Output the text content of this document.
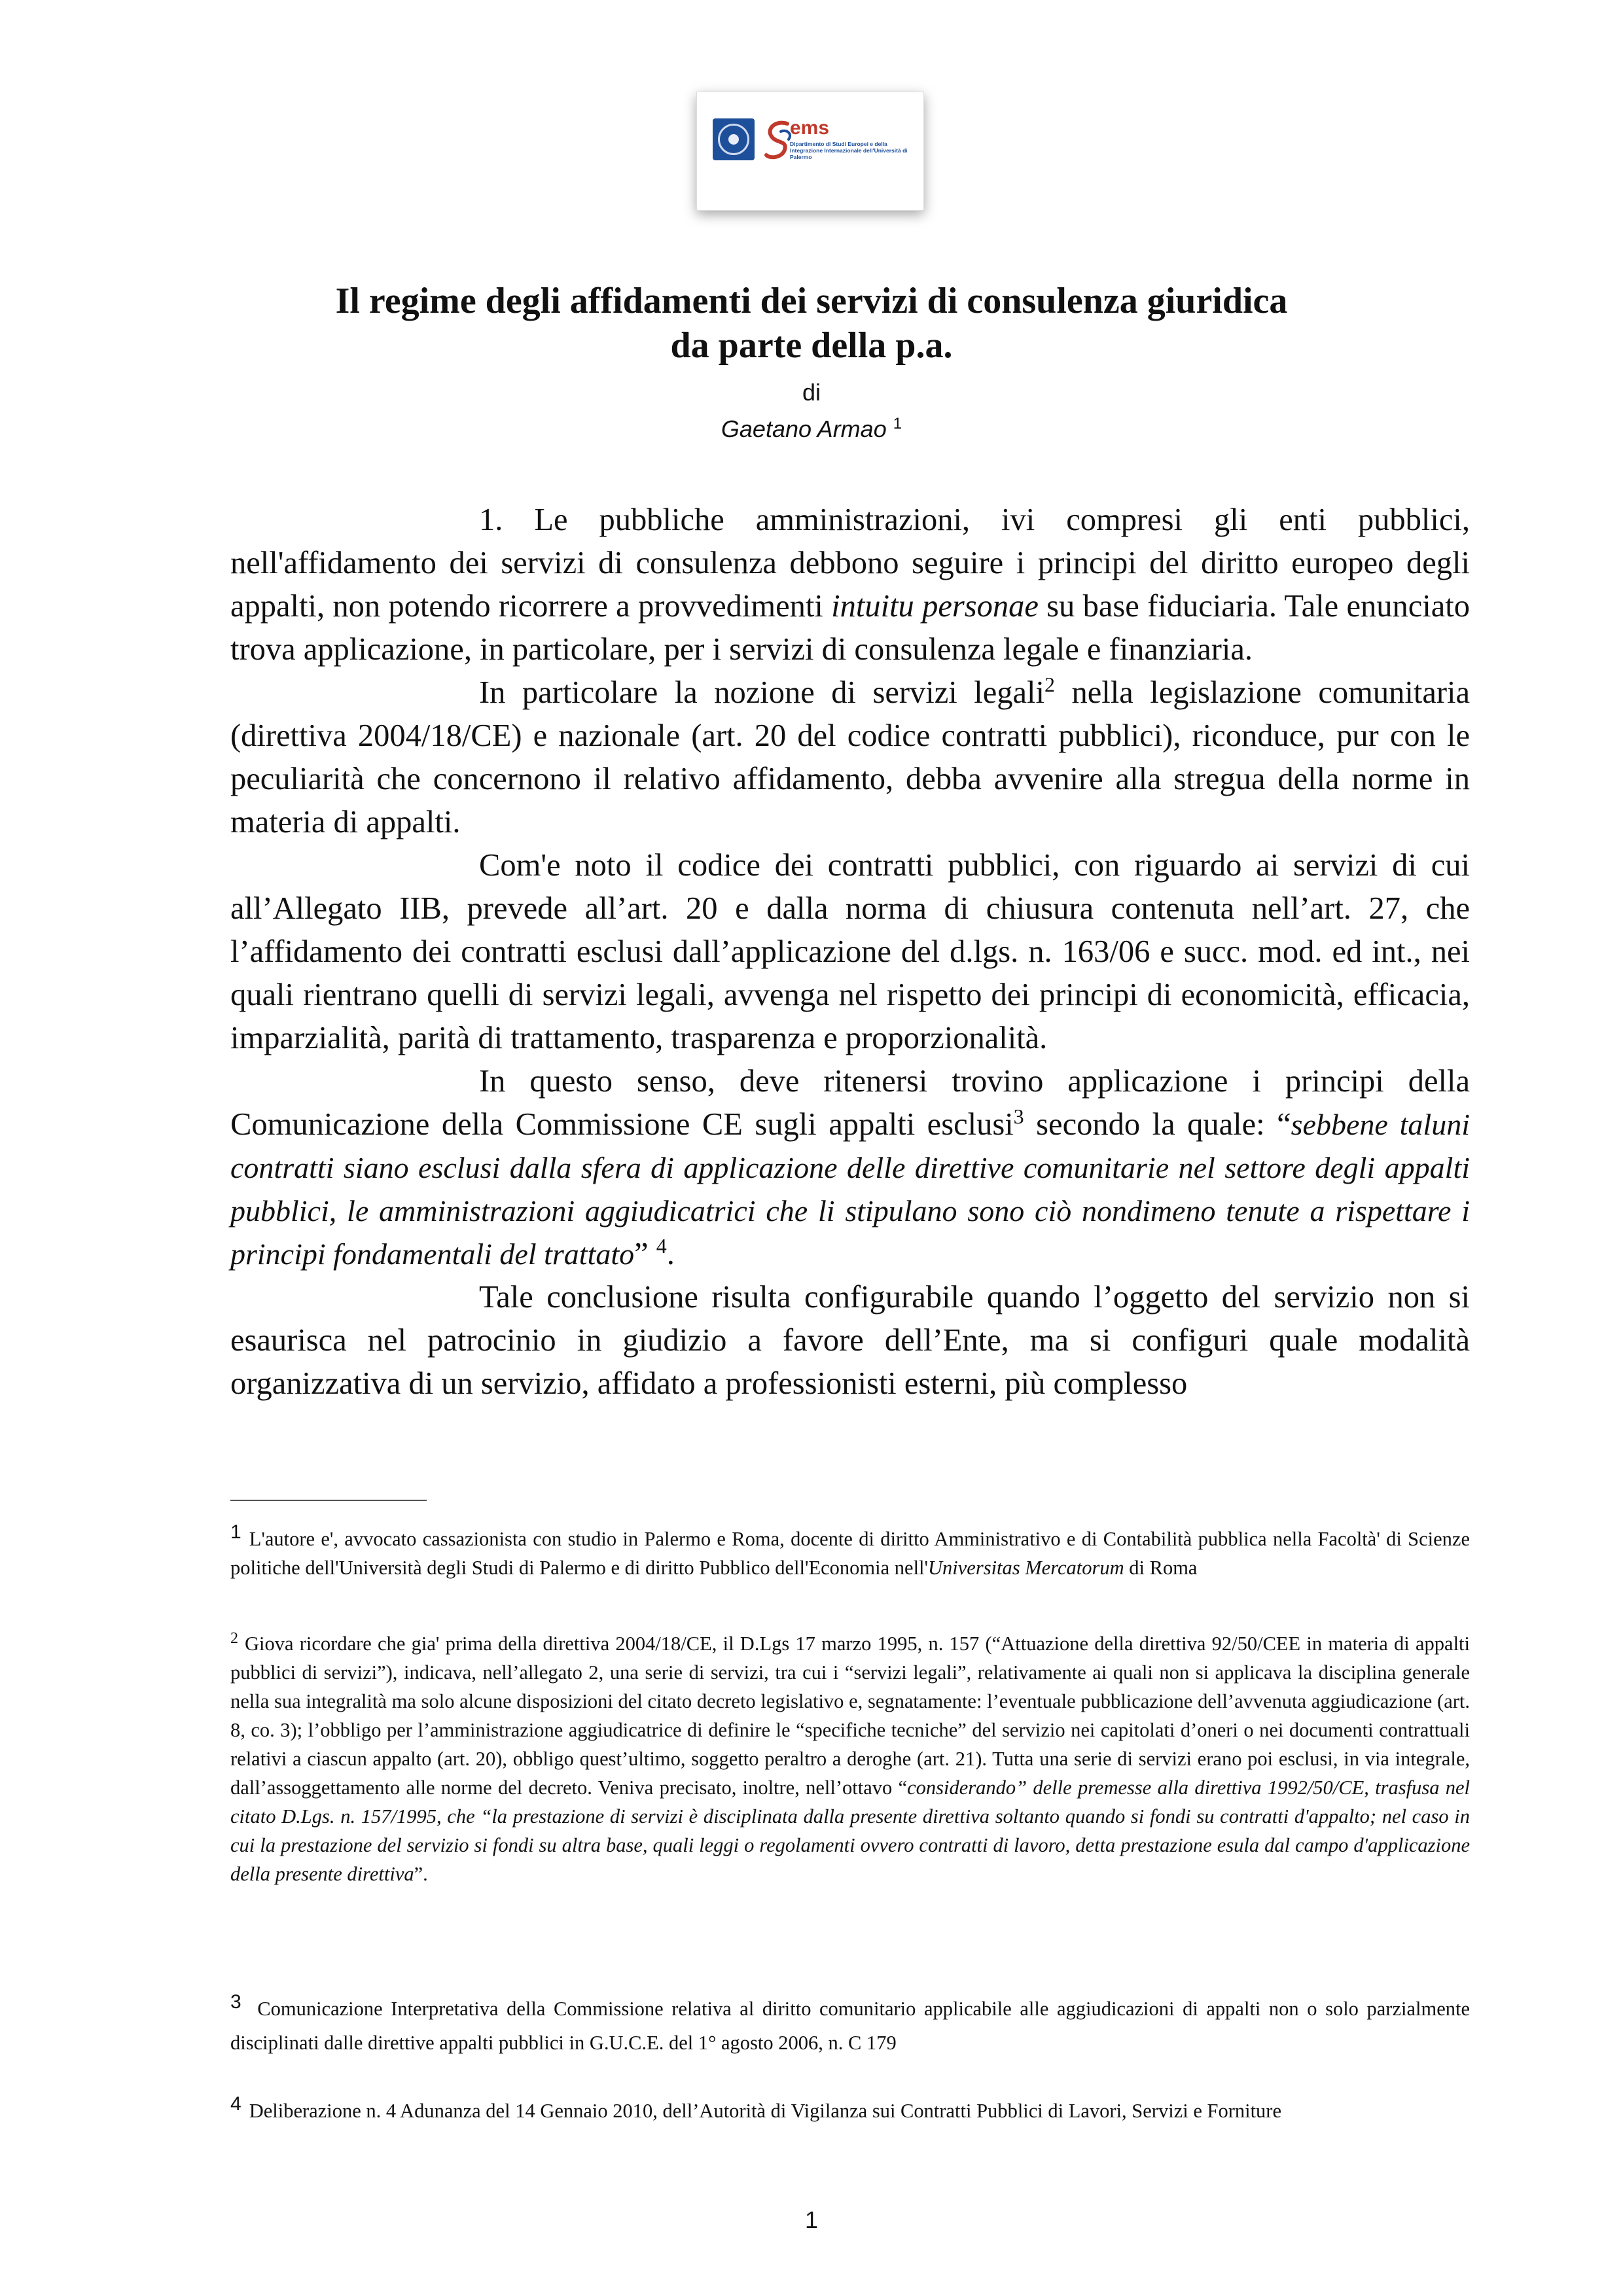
ems
Dipartimento di Studi Europei e della Integrazione Internazionale dell'Università di Palermo
Il regime degli affidamenti dei servizi di consulenza giuridica
da parte della p.a.
di
Gaetano Armao $^1$

1. Le pubbliche amministrazioni, ivi compresi gli enti pubblici, nell'affidamento dei servizi di consulenza debbono seguire i principi del diritto europeo degli appalti, non potendo ricorrere a provvedimenti intuitu personae su base fiduciaria. Tale enunciato trova applicazione, in particolare, per i servizi di consulenza legale e finanziaria.

In particolare la nozione di servizi legali$^2$ nella legislazione comunitaria (direttiva 2004/18/CE) e nazionale (art. 20 del codice contratti pubblici), riconduce, pur con le peculiarità che concernono il relativo affidamento, debba avvenire alla stregua della norme in materia di appalti.

Com'e noto il codice dei contratti pubblici, con riguardo ai servizi di cui all’Allegato IIB, prevede all’art. 20 e dalla norma di chiusura contenuta nell’art. 27, che l’affidamento dei contratti esclusi dall’applicazione del d.lgs. n. 163/06 e succ. mod. ed int., nei quali rientrano quelli di servizi legali, avvenga nel rispetto dei principi di economicità, efficacia, imparzialità, parità di trattamento, trasparenza e proporzionalità.

In questo senso, deve ritenersi trovino applicazione i principi della Comunicazione della Commissione CE sugli appalti esclusi$^3$ secondo la quale: “sebbene taluni contratti siano esclusi dalla sfera di applicazione delle direttive comunitarie nel settore degli appalti pubblici, le amministrazioni aggiudicatrici che li stipulano sono ciò nondimeno tenute a rispettare i principi fondamentali del trattato” $^4$.

Tale conclusione risulta configurabile quando l’oggetto del servizio non si esaurisca nel patrocinio in giudizio a favore dell’Ente, ma si configuri quale modalità organizzativa di un servizio, affidato a professionisti esterni, più complesso

1 L'autore e', avvocato cassazionista con studio in Palermo e Roma, docente di diritto Amministrativo e di Contabilità pubblica nella Facoltà' di Scienze politiche dell'Università degli Studi di Palermo e di diritto Pubblico dell'Economia nell'Universitas Mercatorum di Roma
$^2$ Giova ricordare che gia' prima della direttiva 2004/18/CE, il D.Lgs 17 marzo 1995, n. 157 (“Attuazione della direttiva 92/50/CEE in materia di appalti pubblici di servizi”), indicava, nell’allegato 2, una serie di servizi, tra cui i “servizi legali”, relativamente ai quali non si applicava la disciplina generale nella sua integralità ma solo alcune disposizioni del citato decreto legislativo e, segnatamente: l’eventuale pubblicazione dell’avvenuta aggiudicazione (art. 8, co. 3); l’obbligo per l’amministrazione aggiudicatrice di definire le “specifiche tecniche” del servizio nei capitolati d’oneri o nei documenti contrattuali relativi a ciascun appalto (art. 20), obbligo quest’ultimo, soggetto peraltro a deroghe (art. 21). Tutta una serie di servizi erano poi esclusi, in via integrale, dall’assoggettamento alle norme del decreto. Veniva precisato, inoltre, nell’ottavo “considerando” delle premesse alla direttiva 1992/50/CE, trasfusa nel citato D.Lgs. n. 157/1995, che “la prestazione di servizi è disciplinata dalla presente direttiva soltanto quando si fondi su contratti d'appalto; nel caso in cui la prestazione del servizio si fondi su altra base, quali leggi o regolamenti ovvero contratti di lavoro, detta prestazione esula dal campo d'applicazione della presente direttiva”.
3 Comunicazione Interpretativa della Commissione relativa al diritto comunitario applicabile alle aggiudicazioni di appalti non o solo parzialmente disciplinati dalle direttive appalti pubblici in G.U.C.E. del 1° agosto 2006, n. C 179
4 Deliberazione n. 4 Adunanza del 14 Gennaio 2010, dell’Autorità di Vigilanza sui Contratti Pubblici di Lavori, Servizi e Forniture
1
